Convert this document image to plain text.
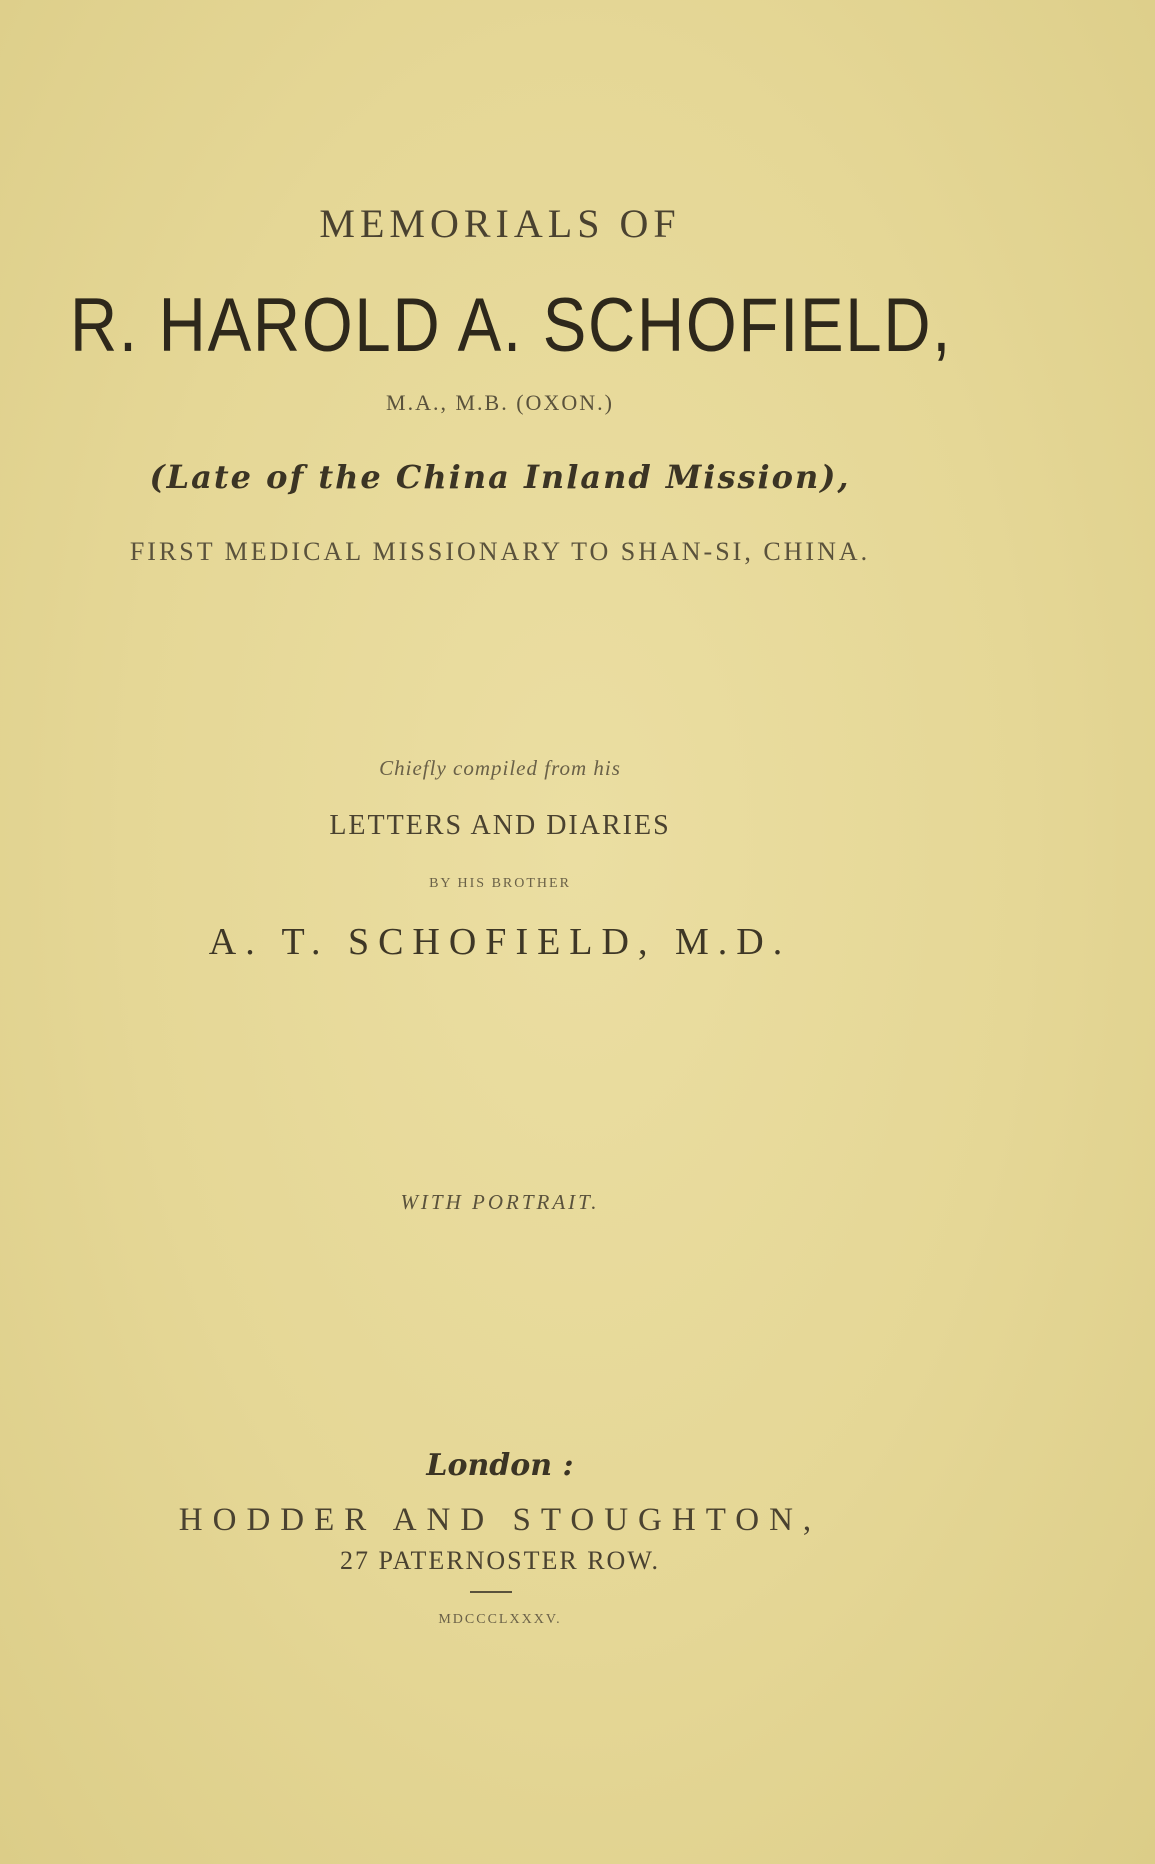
MEMORIALS OF

R. HAROLD A. SCHOFIELD,

M.A., M.B. (OXON.)

(Late of the China Inland Mission),

FIRST MEDICAL MISSIONARY TO SHAN-SI, CHINA.

Chiefly compiled from his

LETTERS AND DIARIES

BY HIS BROTHER

A. T. SCHOFIELD, M.D.

WITH PORTRAIT.

London :

HODDER AND STOUGHTON,

27 PATERNOSTER ROW.

MDCCCLXXXV.
